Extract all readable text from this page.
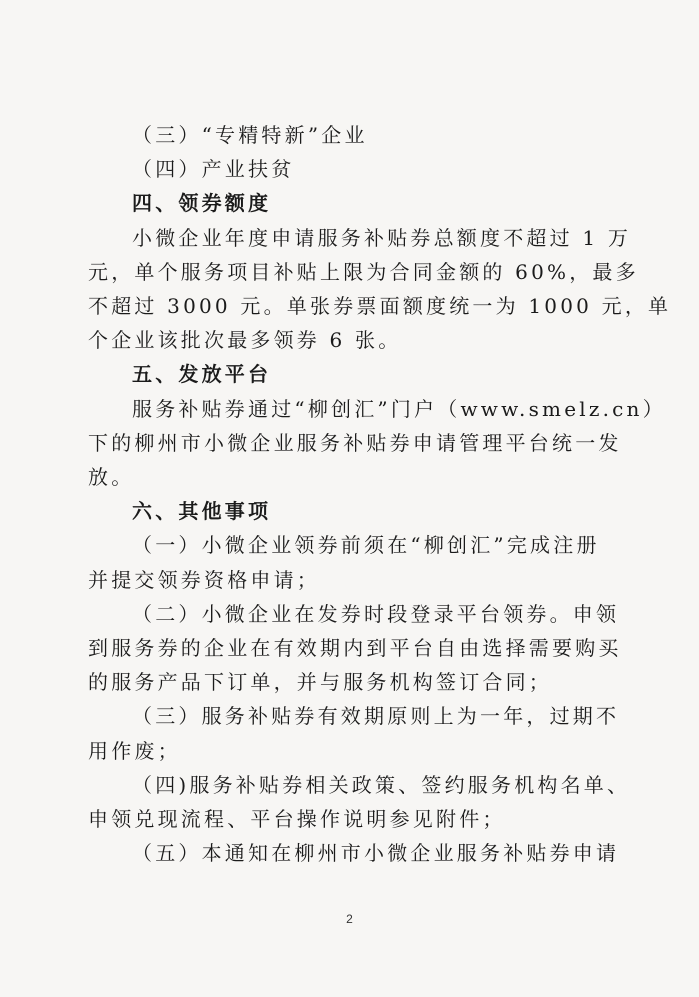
（三）“专精特新”企业

（四）产业扶贫

四、领券额度

小微企业年度申请服务补贴券总额度不超过 1 万

元，单个服务项目补贴上限为合同金额的 60%，最多

不超过 3000 元。单张券票面额度统一为 1000 元，单

个企业该批次最多领券 6 张。

五、发放平台

服务补贴券通过“柳创汇”门户（www.smelz.cn）

下的柳州市小微企业服务补贴券申请管理平台统一发

放。

六、其他事项

（一）小微企业领券前须在“柳创汇”完成注册

并提交领券资格申请；

（二）小微企业在发券时段登录平台领券。申领

到服务券的企业在有效期内到平台自由选择需要购买

的服务产品下订单，并与服务机构签订合同；

（三）服务补贴券有效期原则上为一年，过期不

用作废；

（四)服务补贴券相关政策、签约服务机构名单、

申领兑现流程、平台操作说明参见附件；

（五）本通知在柳州市小微企业服务补贴券申请

2
